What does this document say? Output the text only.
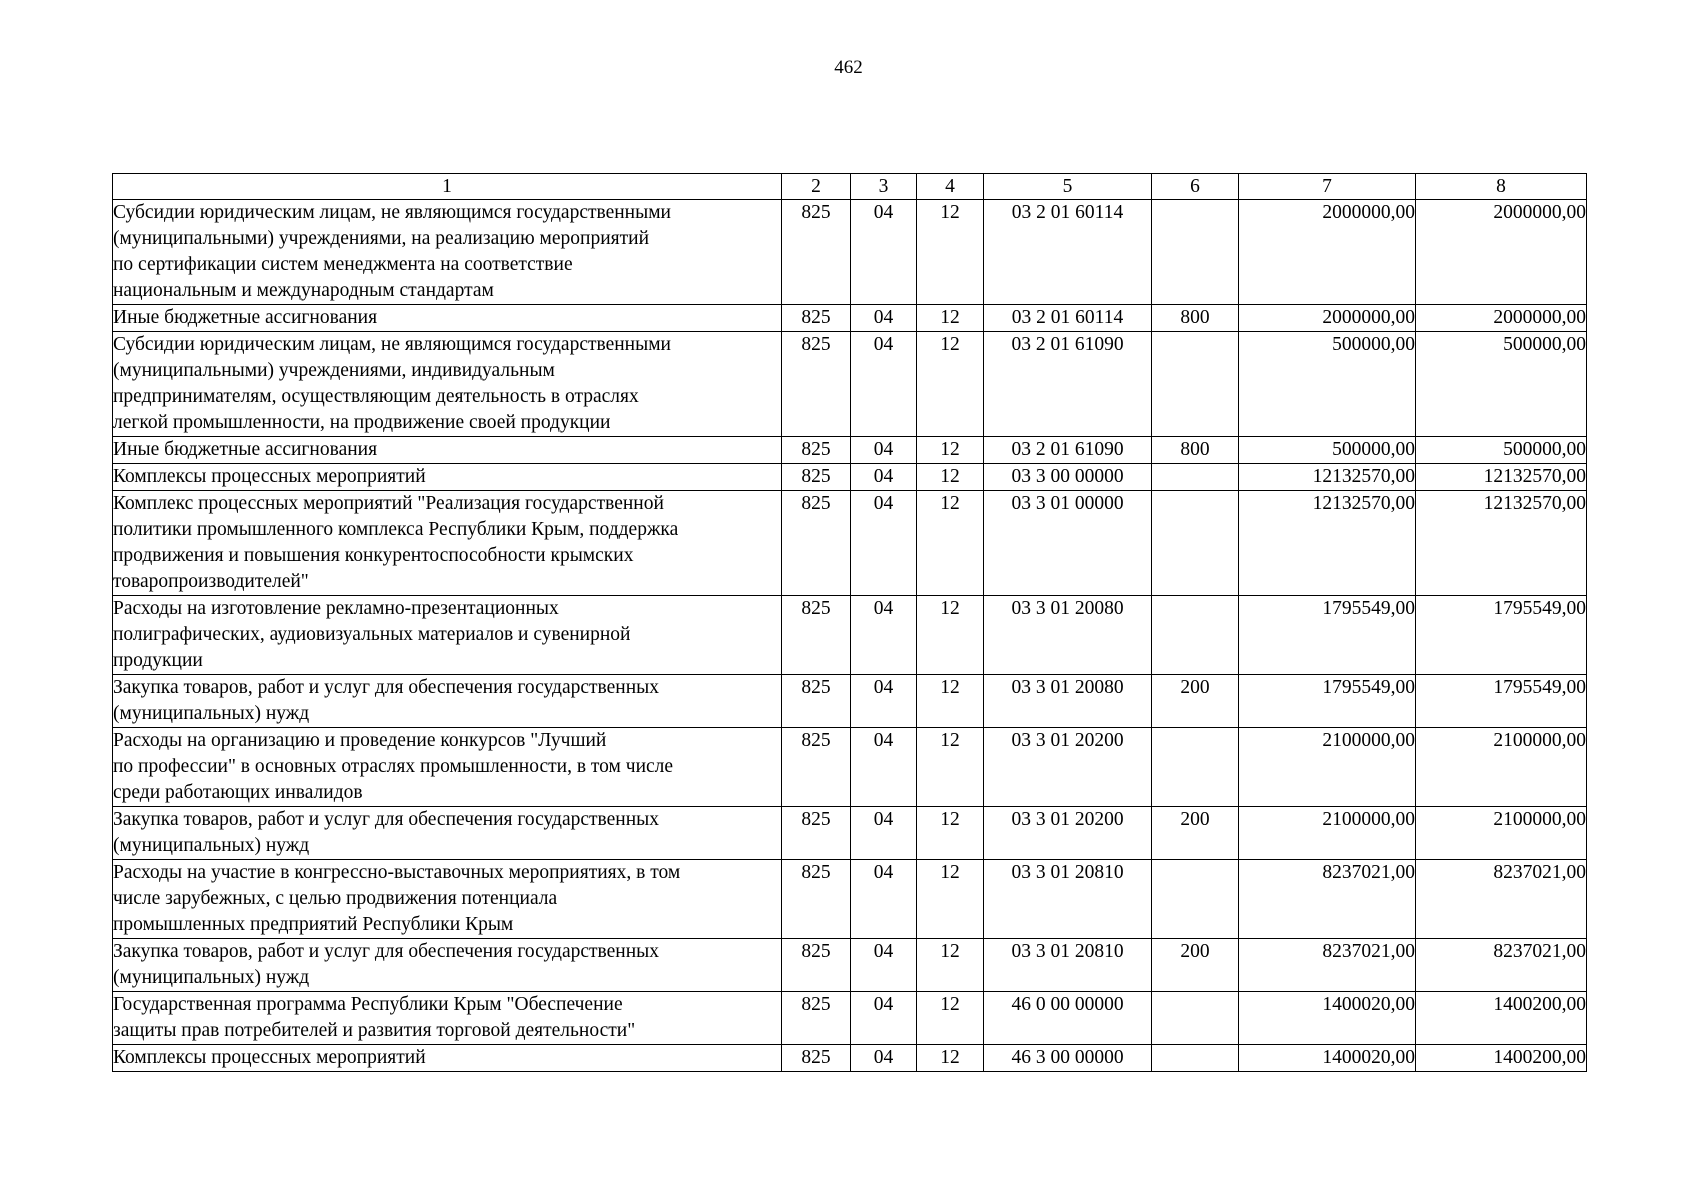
462
1	2	3	4	5	6	7	8
Субсидии юридическим лицам, не являющимся государственными
(муниципальными) учреждениями, на реализацию мероприятий
по сертификации систем менеджмента на соответствие
национальным и международным стандартам	825	04	12	03 2 01 60114		2000000,00	2000000,00
Иные бюджетные ассигнования	825	04	12	03 2 01 60114	800	2000000,00	2000000,00
Субсидии юридическим лицам, не являющимся государственными
(муниципальными) учреждениями, индивидуальным
предпринимателям, осуществляющим деятельность в отраслях
легкой промышленности, на продвижение своей продукции	825	04	12	03 2 01 61090		500000,00	500000,00
Иные бюджетные ассигнования	825	04	12	03 2 01 61090	800	500000,00	500000,00
Комплексы процессных мероприятий	825	04	12	03 3 00 00000		12132570,00	12132570,00
Комплекс процессных мероприятий "Реализация государственной
политики промышленного комплекса Республики Крым, поддержка
продвижения и повышения конкурентоспособности крымских
товаропроизводителей"	825	04	12	03 3 01 00000		12132570,00	12132570,00
Расходы на изготовление рекламно-презентационных
полиграфических, аудиовизуальных материалов и сувенирной
продукции	825	04	12	03 3 01 20080		1795549,00	1795549,00
Закупка товаров, работ и услуг для обеспечения государственных
(муниципальных) нужд	825	04	12	03 3 01 20080	200	1795549,00	1795549,00
Расходы на организацию и проведение конкурсов "Лучший
по профессии" в основных отраслях промышленности, в том числе
среди работающих инвалидов	825	04	12	03 3 01 20200		2100000,00	2100000,00
Закупка товаров, работ и услуг для обеспечения государственных
(муниципальных) нужд	825	04	12	03 3 01 20200	200	2100000,00	2100000,00
Расходы на участие в конгрессно-выставочных мероприятиях, в том
числе зарубежных, с целью продвижения потенциала
промышленных предприятий Республики Крым	825	04	12	03 3 01 20810		8237021,00	8237021,00
Закупка товаров, работ и услуг для обеспечения государственных
(муниципальных) нужд	825	04	12	03 3 01 20810	200	8237021,00	8237021,00
Государственная программа Республики Крым "Обеспечение
защиты прав потребителей и развития торговой деятельности"	825	04	12	46 0 00 00000		1400020,00	1400200,00
Комплексы процессных мероприятий	825	04	12	46 3 00 00000		1400020,00	1400200,00
